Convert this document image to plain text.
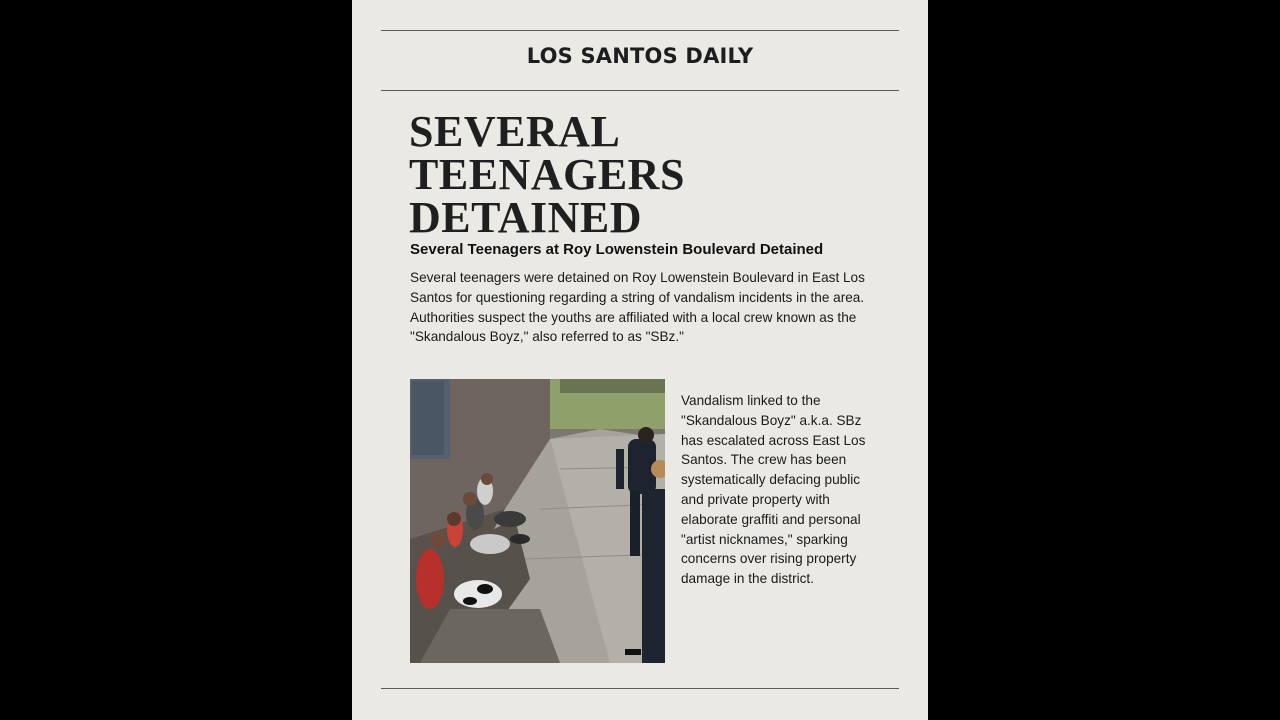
LOS SANTOS DAILY
SEVERAL
TEENAGERS
DETAINED
Several Teenagers at Roy Lowenstein Boulevard Detained

Several teenagers were detained on Roy Lowenstein Boulevard in East Los Santos for questioning regarding a string of vandalism incidents in the area. Authorities suspect the youths are affiliated with a local crew known as the "Skandalous Boyz," also referred to as "SBz."

Vandalism linked to the "Skandalous Boyz" a.k.a. SBz has escalated across East Los Santos. The crew has been systematically defacing public and private property with elaborate graffiti and personal "artist nicknames," sparking concerns over rising property damage in the district.
